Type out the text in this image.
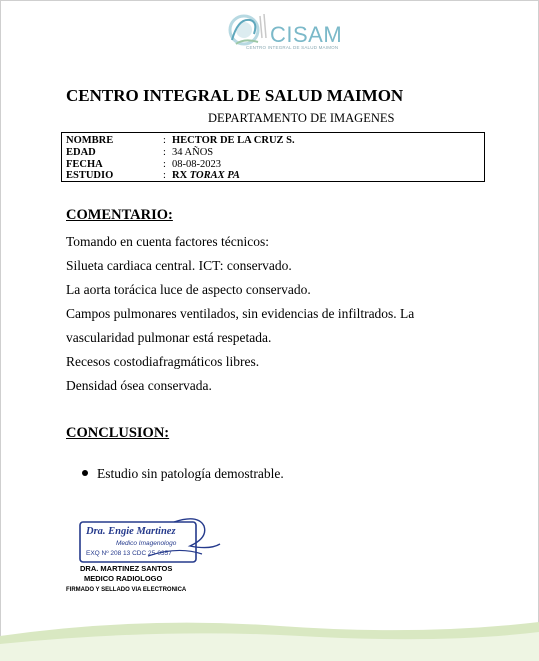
CISAM
CENTRO INTEGRAL DE SALUD MAIMON
CENTRO INTEGRAL DE SALUD MAIMON
DEPARTAMENTO DE IMAGENES
NOMBRE	: HECTOR DE LA CRUZ S.
EDAD	: 34 AÑOS
FECHA	: 08-08-2023
ESTUDIO	: RX TORAX PA
COMENTARIO:
Tomando en cuenta factores técnicos:
Silueta cardiaca central. ICT: conservado.
La aorta torácica luce de aspecto conservado.
Campos pulmonares ventilados, sin evidencias de infiltrados. La
vascularidad pulmonar está respetada.
Recesos costodiafragmáticos libres.
Densidad ósea conservada.
CONCLUSION:
Estudio sin patología demostrable.
Dra. Engie Martinez
Medico Imagenologo
EXQ Nº 208 13 CDC 25-0357
DRA. MARTINEZ SANTOS
MEDICO RADIOLOGO
FIRMADO Y SELLADO VIA ELECTRONICA
